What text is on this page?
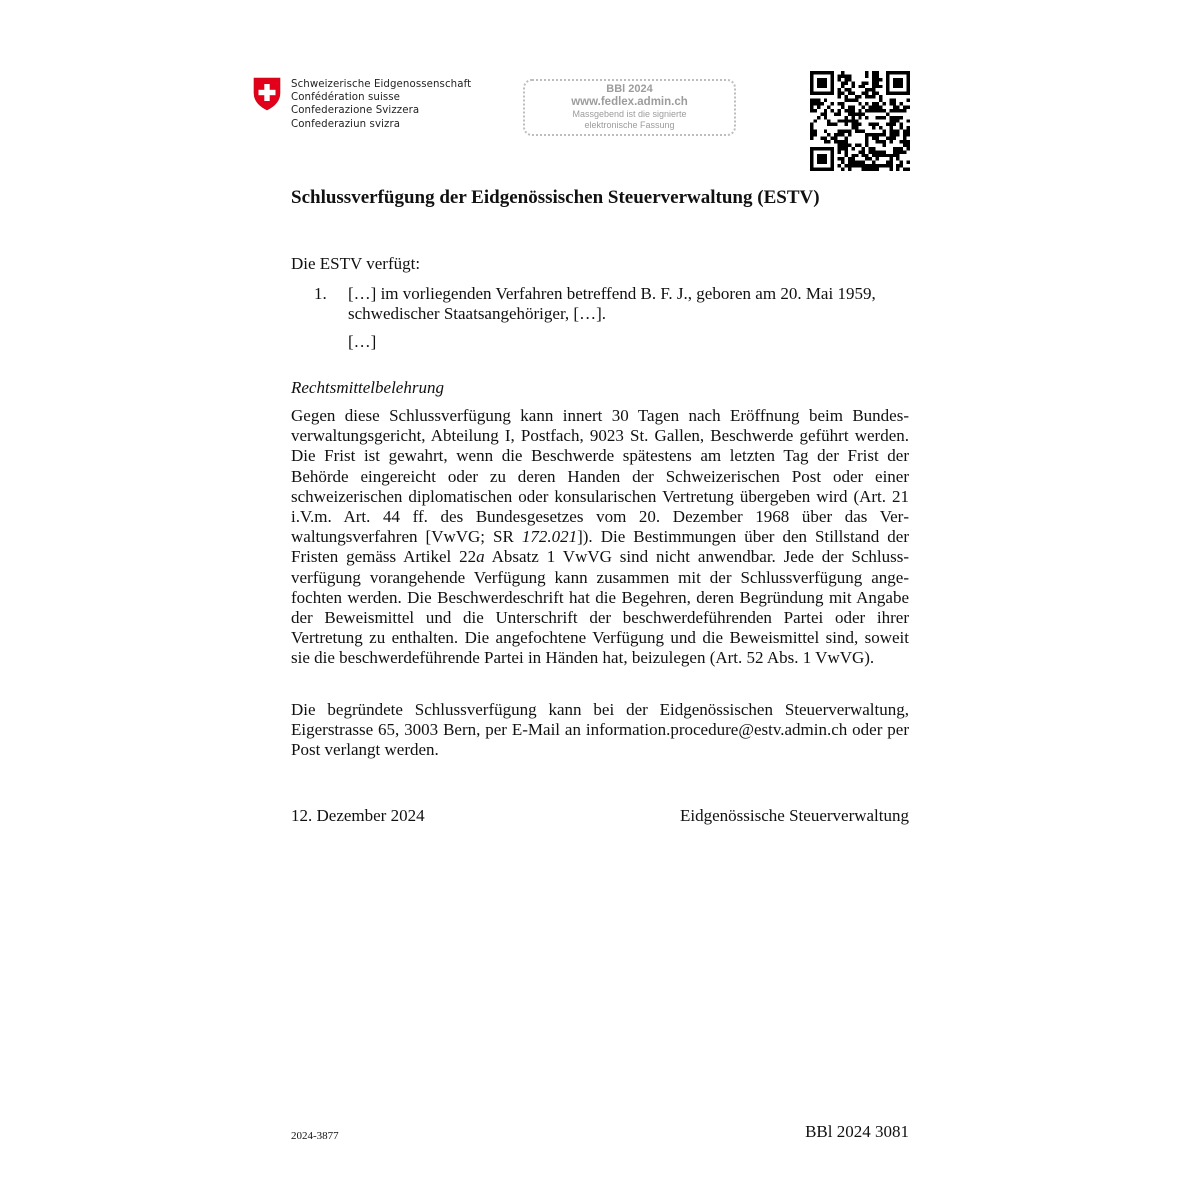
Schweizerische Eidgenossenschaft
Confédération suisse
Confederazione Svizzera
Confederaziun svizra
BBl 2024
www.fedlex.admin.ch
Massgebend ist die signierte
elektronische Fassung
Schlussverfügung der Eidgenössischen Steuerverwaltung (ESTV)
Die ESTV verfügt:
1. […] im vorliegenden Verfahren betreffend B. F. J., geboren am 20. Mai 1959, schwedischer Staatsangehöriger, […].
[…]
Rechtsmittelbelehrung
Gegen diese Schlussverfügung kann innert 30 Tagen nach Eröffnung beim Bundesverwaltungsgericht, Abteilung I, Postfach, 9023 St. Gallen, Beschwerde geführt werden. Die Frist ist gewahrt, wenn die Beschwerde spätestens am letzten Tag der Frist der Behörde eingereicht oder zu deren Handen der Schweizerischen Post oder einer schweizerischen diplomatischen oder konsularischen Vertretung übergeben wird (Art. 21 i.V.m. Art. 44 ff. des Bundesgesetzes vom 20. Dezember 1968 über das Verwaltungsverfahren [VwVG; SR 172.021]). Die Bestimmungen über den Stillstand der Fristen gemäss Artikel 22a Absatz 1 VwVG sind nicht anwendbar. Jede der Schlussverfügung vorangehende Verfügung kann zusammen mit der Schlussverfügung angefochten werden. Die Beschwerdeschrift hat die Begehren, deren Begründung mit Angabe der Beweismittel und die Unterschrift der beschwerdeführenden Partei oder ihrer Vertretung zu enthalten. Die angefochtene Verfügung und die Beweismittel sind, soweit sie die beschwerdeführende Partei in Händen hat, beizulegen (Art. 52 Abs. 1 VwVG).
Die begründete Schlussverfügung kann bei der Eidgenössischen Steuerverwaltung, Eigerstrasse 65, 3003 Bern, per E-Mail an information.procedure@estv.admin.ch oder per Post verlangt werden.
12. Dezember 2024	Eidgenössische Steuerverwaltung
2024-3877	BBl 2024 3081
